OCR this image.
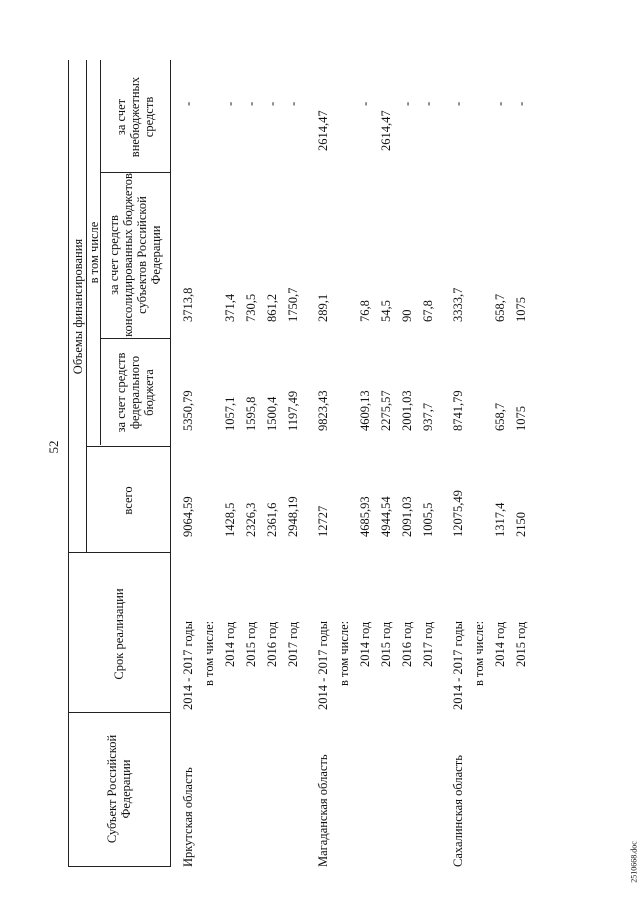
52
2510668.doc
Субъект Российской Федерации
Срок реализации
Объемы финансирования
всего
в том числе
за счет средств федерального бюджета
за счет средств консолидированных бюджетов субъектов Российской Федерации
за счет внебюджетных средств
Иркутская область
2014 - 2017 годы
9064,59
5350,79
3713,8
-
в том числе: 2014 год
1428,5
1057,1
371,4
-
2015 год
2326,3
1595,8
730,5
-
2016 год
2361,6
1500,4
861,2
-
2017 год
2948,19
1197,49
1750,7
-
Магаданская область
2014 - 2017 годы
12727
9823,43
289,1
2614,47
в том числе: 2014 год
4685,93
4609,13
76,8
-
2015 год
4944,54
2275,57
54,5
2614,47
2016 год
2091,03
2001,03
90
-
2017 год
1005,5
937,7
67,8
-
Сахалинская область
2014 - 2017 годы
12075,49
8741,79
3333,7
-
в том числе: 2014 год
1317,4
658,7
658,7
-
2015 год
2150
1075
1075
-
